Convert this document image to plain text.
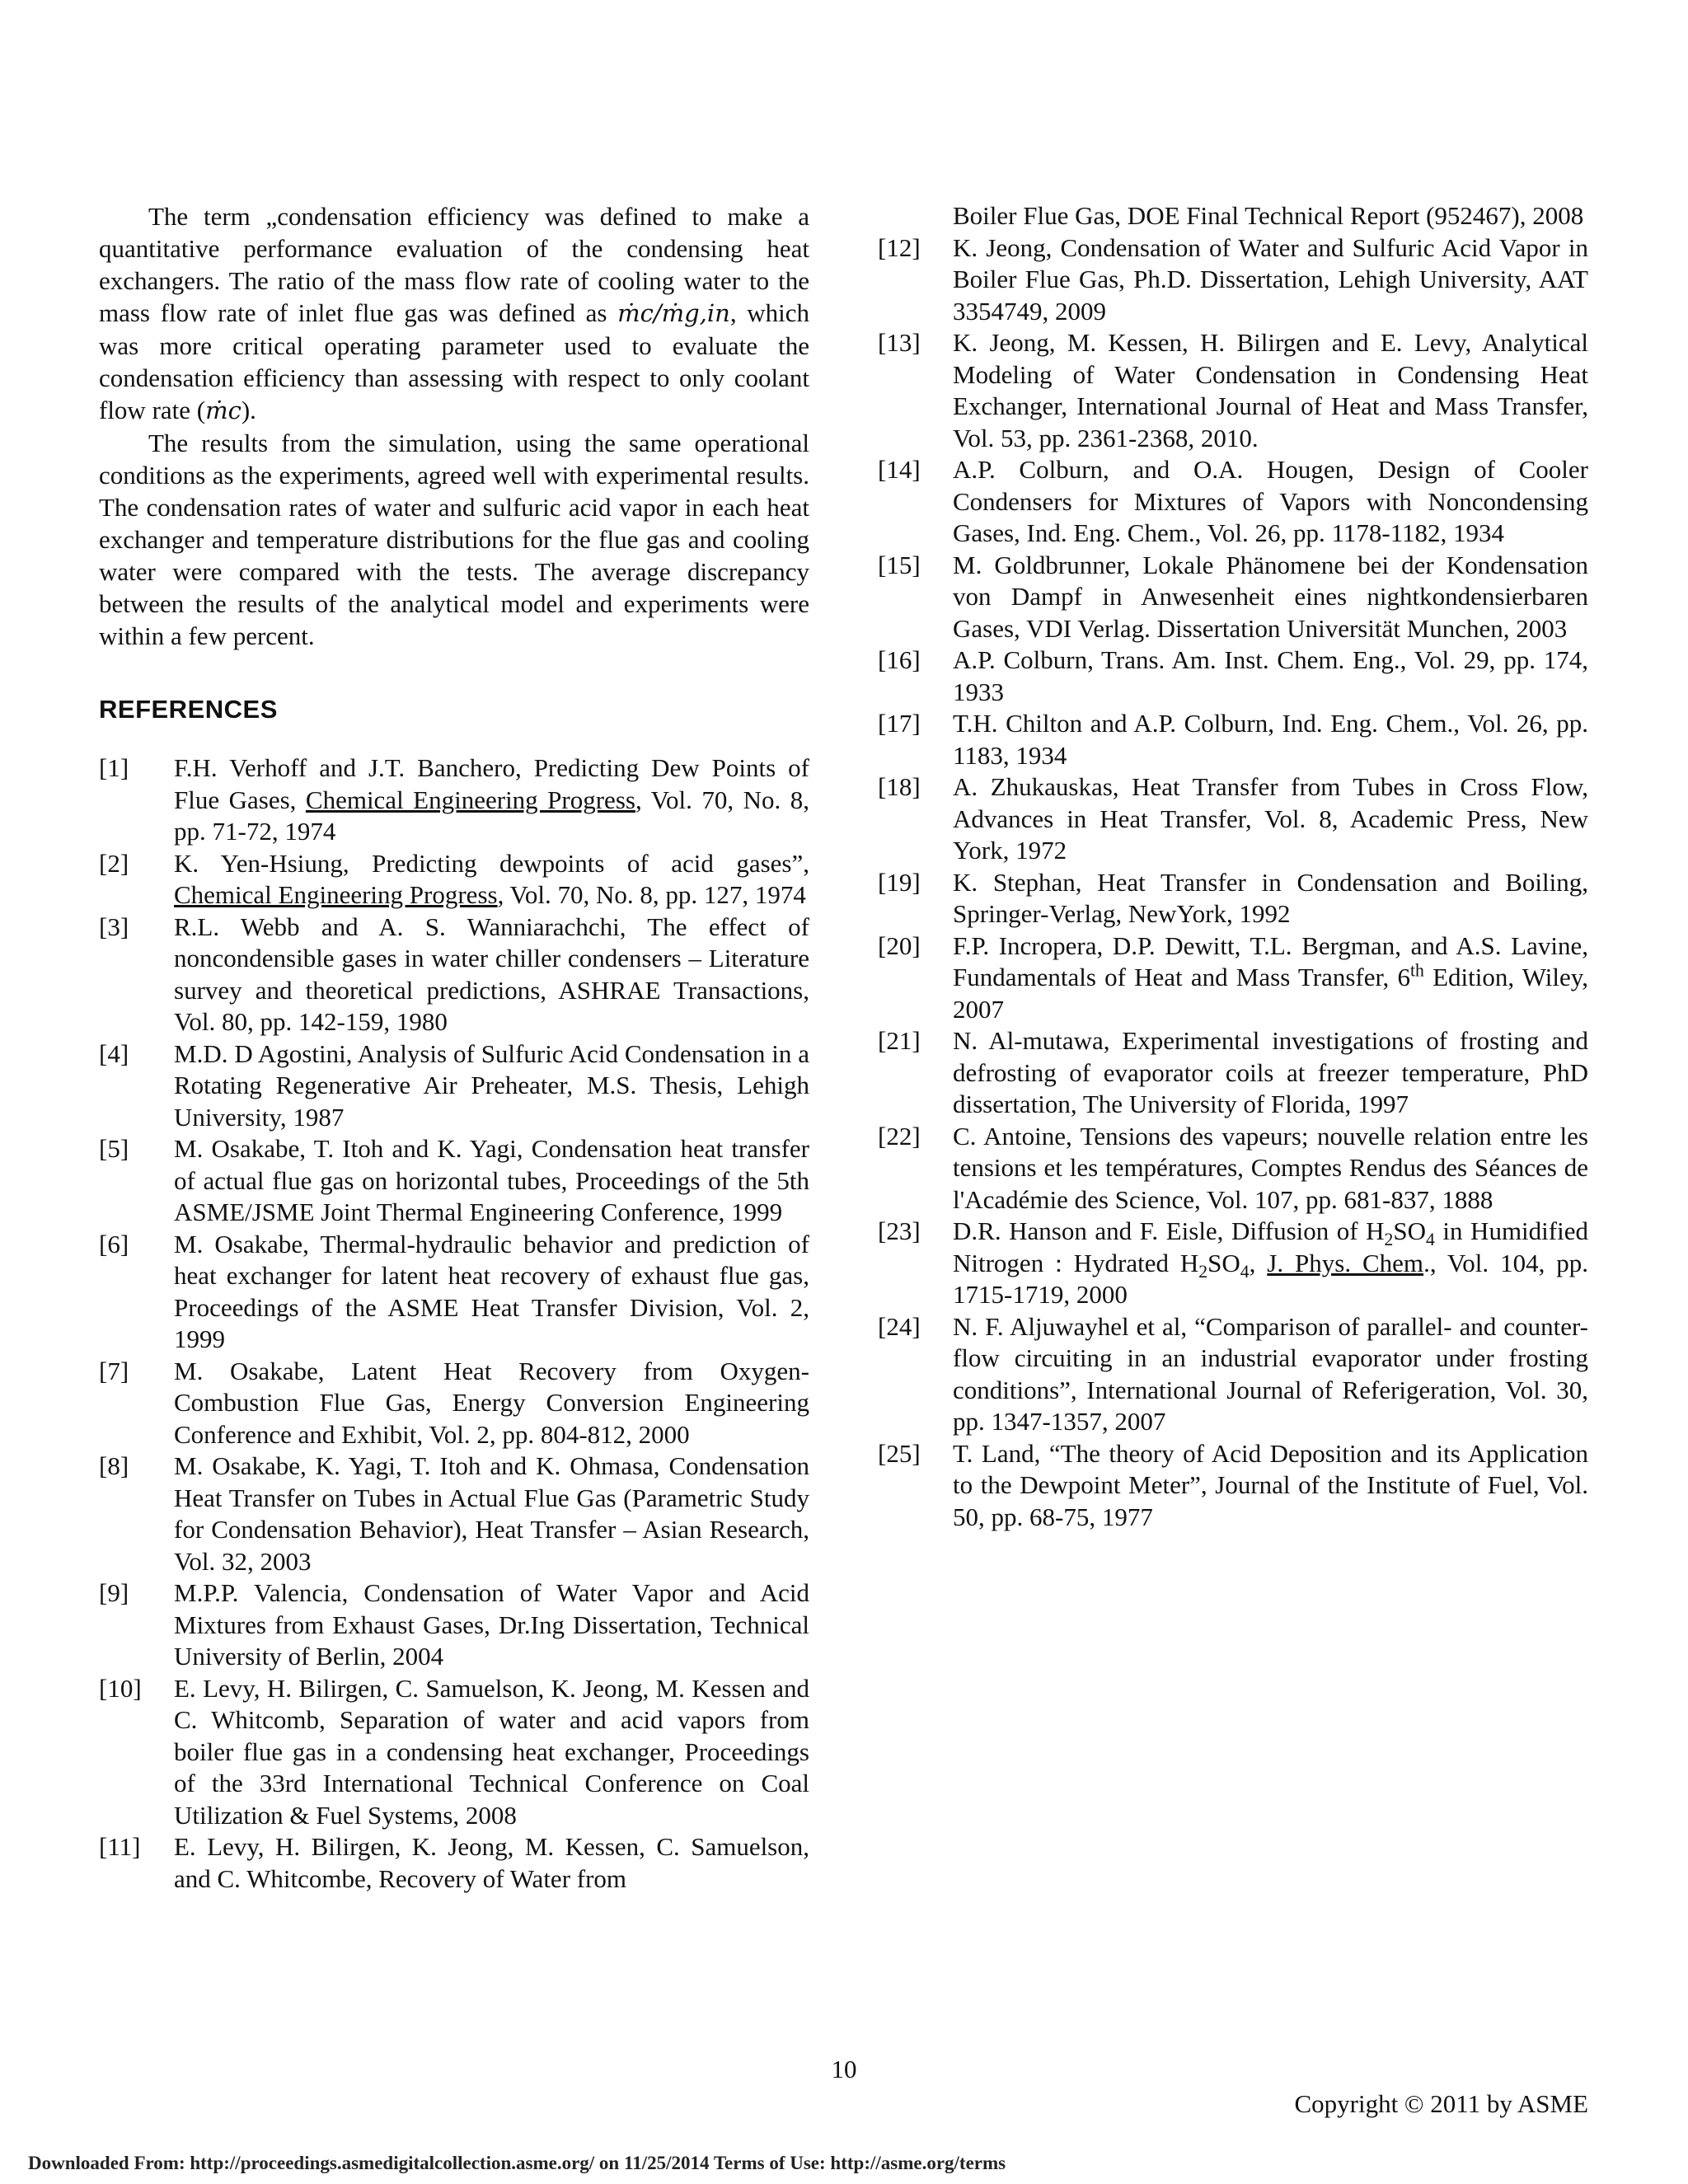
The term „condensation efficiency was defined to make a quantitative performance evaluation of the condensing heat exchangers. The ratio of the mass flow rate of cooling water to the mass flow rate of inlet flue gas was defined as ṁc/ṁg,in, which was more critical operating parameter used to evaluate the condensation efficiency than assessing with respect to only coolant flow rate (ṁc).

The results from the simulation, using the same operational conditions as the experiments, agreed well with experimental results. The condensation rates of water and sulfuric acid vapor in each heat exchanger and temperature distributions for the flue gas and cooling water were compared with the tests. The average discrepancy between the results of the analytical model and experiments were within a few percent.

REFERENCES
[1]	F.H. Verhoff and J.T. Banchero, Predicting Dew Points of Flue Gases, Chemical Engineering Progress, Vol. 70, No. 8, pp. 71-72, 1974
[2]	K. Yen-Hsiung, Predicting dewpoints of acid gases”, Chemical Engineering Progress, Vol. 70, No. 8, pp. 127, 1974
[3]	R.L. Webb and A. S. Wanniarachchi, The effect of noncondensible gases in water chiller condensers – Literature survey and theoretical predictions, ASHRAE Transactions, Vol. 80, pp. 142-159, 1980
[4]	M.D. D Agostini, Analysis of Sulfuric Acid Condensation in a Rotating Regenerative Air Preheater, M.S. Thesis, Lehigh University, 1987
[5]	M. Osakabe, T. Itoh and K. Yagi, Condensation heat transfer of actual flue gas on horizontal tubes, Proceedings of the 5th ASME/JSME Joint Thermal Engineering Conference, 1999
[6]	M. Osakabe, Thermal-hydraulic behavior and prediction of heat exchanger for latent heat recovery of exhaust flue gas, Proceedings of the ASME Heat Transfer Division, Vol. 2, 1999
[7]	M. Osakabe, Latent Heat Recovery from Oxygen-Combustion Flue Gas, Energy Conversion Engineering Conference and Exhibit, Vol. 2, pp. 804-812, 2000
[8]	M. Osakabe, K. Yagi, T. Itoh and K. Ohmasa, Condensation Heat Transfer on Tubes in Actual Flue Gas (Parametric Study for Condensation Behavior), Heat Transfer – Asian Research, Vol. 32, 2003
[9]	M.P.P. Valencia, Condensation of Water Vapor and Acid Mixtures from Exhaust Gases, Dr.Ing Dissertation, Technical University of Berlin, 2004
[10]	E. Levy, H. Bilirgen, C. Samuelson, K. Jeong, M. Kessen and C. Whitcomb, Separation of water and acid vapors from boiler flue gas in a condensing heat exchanger, Proceedings of the 33rd International Technical Conference on Coal Utilization & Fuel Systems, 2008
[11]	E. Levy, H. Bilirgen, K. Jeong, M. Kessen, C. Samuelson, and C. Whitcombe, Recovery of Water from
Boiler Flue Gas, DOE Final Technical Report (952467), 2008
[12]	K. Jeong, Condensation of Water and Sulfuric Acid Vapor in Boiler Flue Gas, Ph.D. Dissertation, Lehigh University, AAT 3354749, 2009
[13]	K. Jeong, M. Kessen, H. Bilirgen and E. Levy, Analytical Modeling of Water Condensation in Condensing Heat Exchanger, International Journal of Heat and Mass Transfer, Vol. 53, pp. 2361-2368, 2010.
[14]	A.P. Colburn, and O.A. Hougen, Design of Cooler Condensers for Mixtures of Vapors with Noncondensing Gases, Ind. Eng. Chem., Vol. 26, pp. 1178-1182, 1934
[15]	M. Goldbrunner, Lokale Phänomene bei der Kondensation von Dampf in Anwesenheit eines nightkondensierbaren Gases, VDI Verlag. Dissertation Universität Munchen, 2003
[16]	A.P. Colburn, Trans. Am. Inst. Chem. Eng., Vol. 29, pp. 174, 1933
[17]	T.H. Chilton and A.P. Colburn, Ind. Eng. Chem., Vol. 26, pp. 1183, 1934
[18]	A. Zhukauskas, Heat Transfer from Tubes in Cross Flow, Advances in Heat Transfer, Vol. 8, Academic Press, New York, 1972
[19]	K. Stephan, Heat Transfer in Condensation and Boiling, Springer-Verlag, NewYork, 1992
[20]	F.P. Incropera, D.P. Dewitt, T.L. Bergman, and A.S. Lavine, Fundamentals of Heat and Mass Transfer, 6th Edition, Wiley, 2007
[21]	N. Al-mutawa, Experimental investigations of frosting and defrosting of evaporator coils at freezer temperature, PhD dissertation, The University of Florida, 1997
[22]	C. Antoine, Tensions des vapeurs; nouvelle relation entre les tensions et les températures, Comptes Rendus des Séances de l'Académie des Science, Vol. 107, pp. 681-837, 1888
[23]	D.R. Hanson and F. Eisle, Diffusion of $H_2SO_4$ in Humidified Nitrogen : Hydrated $H_2SO_4$, J. Phys. Chem., Vol. 104, pp. 1715-1719, 2000
[24]	N. F. Aljuwayhel et al, “Comparison of parallel- and counter-flow circuiting in an industrial evaporator under frosting conditions”, International Journal of Referigeration, Vol. 30, pp. 1347-1357, 2007
[25]	T. Land, “The theory of Acid Deposition and its Application to the Dewpoint Meter”, Journal of the Institute of Fuel, Vol. 50, pp. 68-75, 1977
10
Copyright © 2011 by ASME
Downloaded From: http://proceedings.asmedigitalcollection.asme.org/ on 11/25/2014 Terms of Use: http://asme.org/terms
